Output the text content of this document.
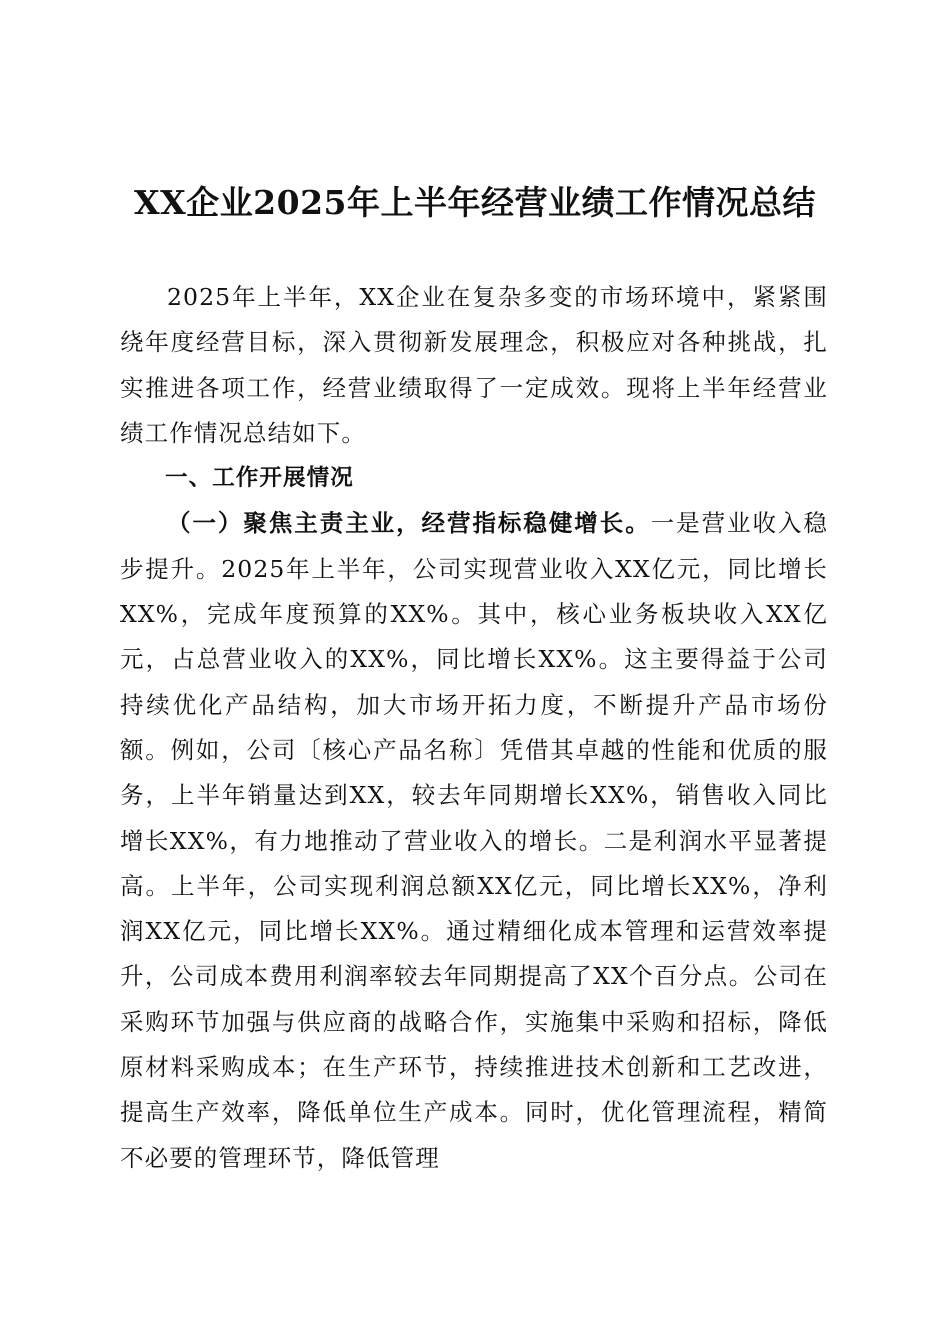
XX企业2025年上半年经营业绩工作情况总结

2025年上半年，XX企业在复杂多变的市场环境中，紧紧围绕年度经营目标，深入贯彻新发展理念，积极应对各种挑战，扎实推进各项工作，经营业绩取得了一定成效。现将上半年经营业绩工作情况总结如下。

一、工作开展情况

（一）聚焦主责主业，经营指标稳健增长。一是营业收入稳步提升。2025年上半年，公司实现营业收入XX亿元，同比增长XX%，完成年度预算的XX%。其中，核心业务板块收入XX亿元，占总营业收入的XX%，同比增长XX%。这主要得益于公司持续优化产品结构，加大市场开拓力度，不断提升产品市场份额。例如，公司〔核心产品名称〕凭借其卓越的性能和优质的服务，上半年销量达到XX，较去年同期增长XX%，销售收入同比增长XX%，有力地推动了营业收入的增长。二是利润水平显著提高。上半年，公司实现利润总额XX亿元，同比增长XX%，净利润XX亿元，同比增长XX%。通过精细化成本管理和运营效率提升，公司成本费用利润率较去年同期提高了XX个百分点。公司在采购环节加强与供应商的战略合作，实施集中采购和招标，降低原材料采购成本；在生产环节，持续推进技术创新和工艺改进，提高生产效率，降低单位生产成本。同时，优化管理流程，精简不必要的管理环节，降低管理
